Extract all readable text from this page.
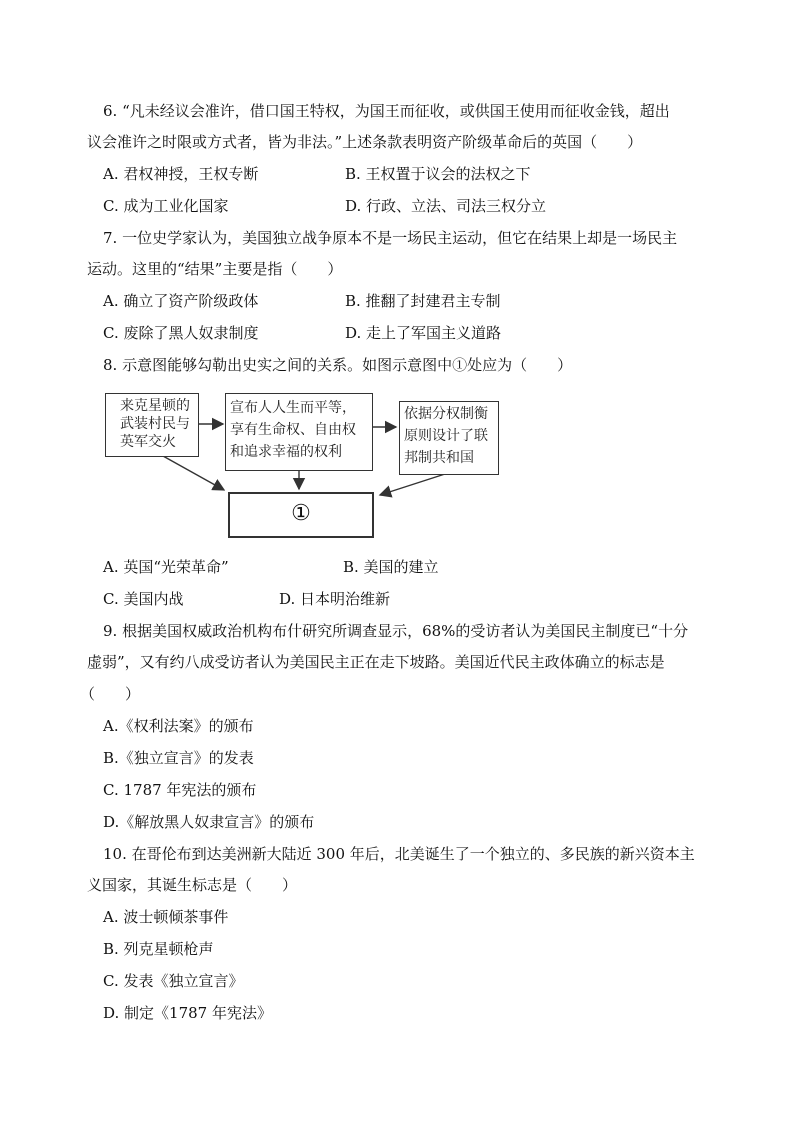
6. “凡未经议会准许，借口国王特权，为国王而征收，或供国王使用而征收金钱，超出
议会准许之时限或方式者，皆为非法。”上述条款表明资产阶级革命后的英国（　　）
A. 君权神授，王权专断	B. 王权置于议会的法权之下
C. 成为工业化国家	D. 行政、立法、司法三权分立
7. 一位史学家认为，美国独立战争原本不是一场民主运动，但它在结果上却是一场民主
运动。这里的“结果”主要是指（　　）
A. 确立了资产阶级政体	B. 推翻了封建君主专制
C. 废除了黑人奴隶制度	D. 走上了军国主义道路
8. 示意图能够勾勒出史实之间的关系。如图示意图中①处应为（　　）
来克星顿的
武装村民与
英军交火
宣布人人生而平等，
享有生命权、自由权
和追求幸福的权利
依据分权制衡
原则设计了联
邦制共和国
①
A. 英国“光荣革命”	B. 美国的建立
C. 美国内战	D. 日本明治维新
9. 根据美国权威政治机构布什研究所调查显示，68%的受访者认为美国民主制度已“十分
虚弱”，又有约八成受访者认为美国民主正在走下坡路。美国近代民主政体确立的标志是
（　　）
A.《权利法案》的颁布
B.《独立宣言》的发表
C. 1787 年宪法的颁布
D.《解放黑人奴隶宣言》的颁布
10. 在哥伦布到达美洲新大陆近 300 年后，北美诞生了一个独立的、多民族的新兴资本主
义国家，其诞生标志是（　　）
A. 波士顿倾茶事件
B. 列克星顿枪声
C. 发表《独立宣言》
D. 制定《1787 年宪法》
